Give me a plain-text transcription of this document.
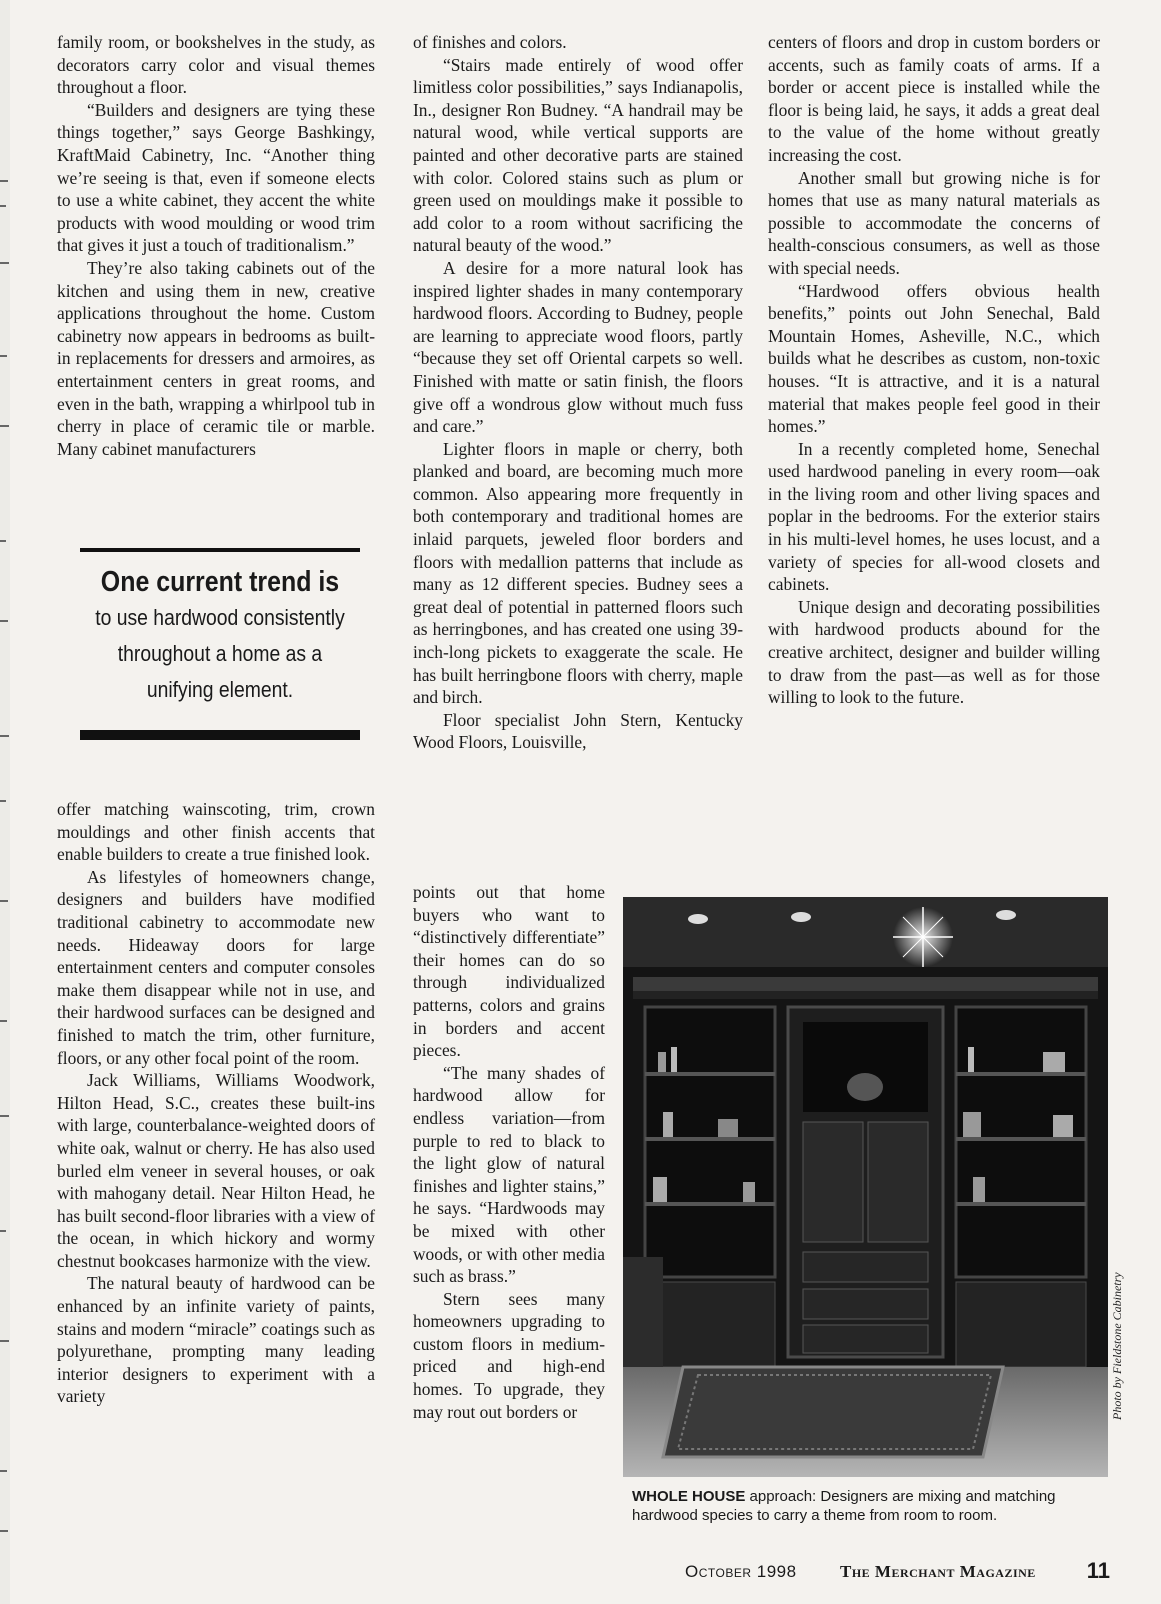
family room, or bookshelves in the study, as decorators carry color and visual themes throughout a floor.

“Builders and designers are tying these things together,” says George Bashkingy, KraftMaid Cabinetry, Inc. “Another thing we’re seeing is that, even if someone elects to use a white cabinet, they accent the white products with wood moulding or wood trim that gives it just a touch of traditionalism.”

They’re also taking cabinets out of the kitchen and using them in new, creative applications throughout the home. Custom cabinetry now appears in bedrooms as built-in replacements for dressers and armoires, as entertainment centers in great rooms, and even in the bath, wrapping a whirlpool tub in cherry in place of ceramic tile or marble. Many cabinet manufacturers

One current trend is
to use hardwood consistently
throughout a home as a
unifying element.

offer matching wainscoting, trim, crown mouldings and other finish accents that enable builders to create a true finished look.

As lifestyles of homeowners change, designers and builders have modified traditional cabinetry to accommodate new needs. Hideaway doors for large entertainment centers and computer consoles make them disappear while not in use, and their hardwood surfaces can be designed and finished to match the trim, other furniture, floors, or any other focal point of the room.

Jack Williams, Williams Woodwork, Hilton Head, S.C., creates these built-ins with large, counterbalance-weighted doors of white oak, walnut or cherry. He has also used burled elm veneer in several houses, or oak with mahogany detail. Near Hilton Head, he has built second-floor libraries with a view of the ocean, in which hickory and wormy chestnut bookcases harmonize with the view.

The natural beauty of hardwood can be enhanced by an infinite variety of paints, stains and modern “miracle” coatings such as polyurethane, prompting many leading interior designers to experiment with a variety

of finishes and colors.

“Stairs made entirely of wood offer limitless color possibilities,” says Indianapolis, In., designer Ron Budney. “A handrail may be natural wood, while vertical supports are painted and other decorative parts are stained with color. Colored stains such as plum or green used on mouldings make it possible to add color to a room without sacrificing the natural beauty of the wood.”

A desire for a more natural look has inspired lighter shades in many contemporary hardwood floors. According to Budney, people are learning to appreciate wood floors, partly “because they set off Oriental carpets so well. Finished with matte or satin finish, the floors give off a wondrous glow without much fuss and care.”

Lighter floors in maple or cherry, both planked and board, are becoming much more common. Also appearing more frequently in both contemporary and traditional homes are inlaid parquets, jeweled floor borders and floors with medallion patterns that include as many as 12 different species. Budney sees a great deal of potential in patterned floors such as herringbones, and has created one using 39-inch-long pickets to exaggerate the scale. He has built herringbone floors with cherry, maple and birch.

Floor specialist John Stern, Kentucky Wood Floors, Louisville,

points out that home buyers who want to “distinctively differentiate” their homes can do so through individualized patterns, colors and grains in borders and accent pieces.

“The many shades of hardwood allow for endless variation—from purple to red to black to the light glow of natural finishes and lighter stains,” he says. “Hardwoods may be mixed with other woods, or with other media such as brass.”

Stern sees many homeowners upgrading to custom floors in medium-priced and high-end homes. To upgrade, they may rout out borders or

centers of floors and drop in custom borders or accents, such as family coats of arms. If a border or accent piece is installed while the floor is being laid, he says, it adds a great deal to the value of the home without greatly increasing the cost.

Another small but growing niche is for homes that use as many natural materials as possible to accommodate the concerns of health-conscious consumers, as well as those with special needs.

“Hardwood offers obvious health benefits,” points out John Senechal, Bald Mountain Homes, Asheville, N.C., which builds what he describes as custom, non-toxic houses. “It is attractive, and it is a natural material that makes people feel good in their homes.”

In a recently completed home, Senechal used hardwood paneling in every room—oak in the living room and other living spaces and poplar in the bedrooms. For the exterior stairs in his multi-level homes, he uses locust, and a variety of species for all-wood closets and cabinets.

Unique design and decorating possibilities with hardwood products abound for the creative architect, designer and builder willing to draw from the past—as well as for those willing to look to the future.

Photo by Fieldstone Cabinetry
WHOLE HOUSE approach: Designers are mixing and matching hardwood species to carry a theme from room to room.
October 1998	The Merchant Magazine 11
